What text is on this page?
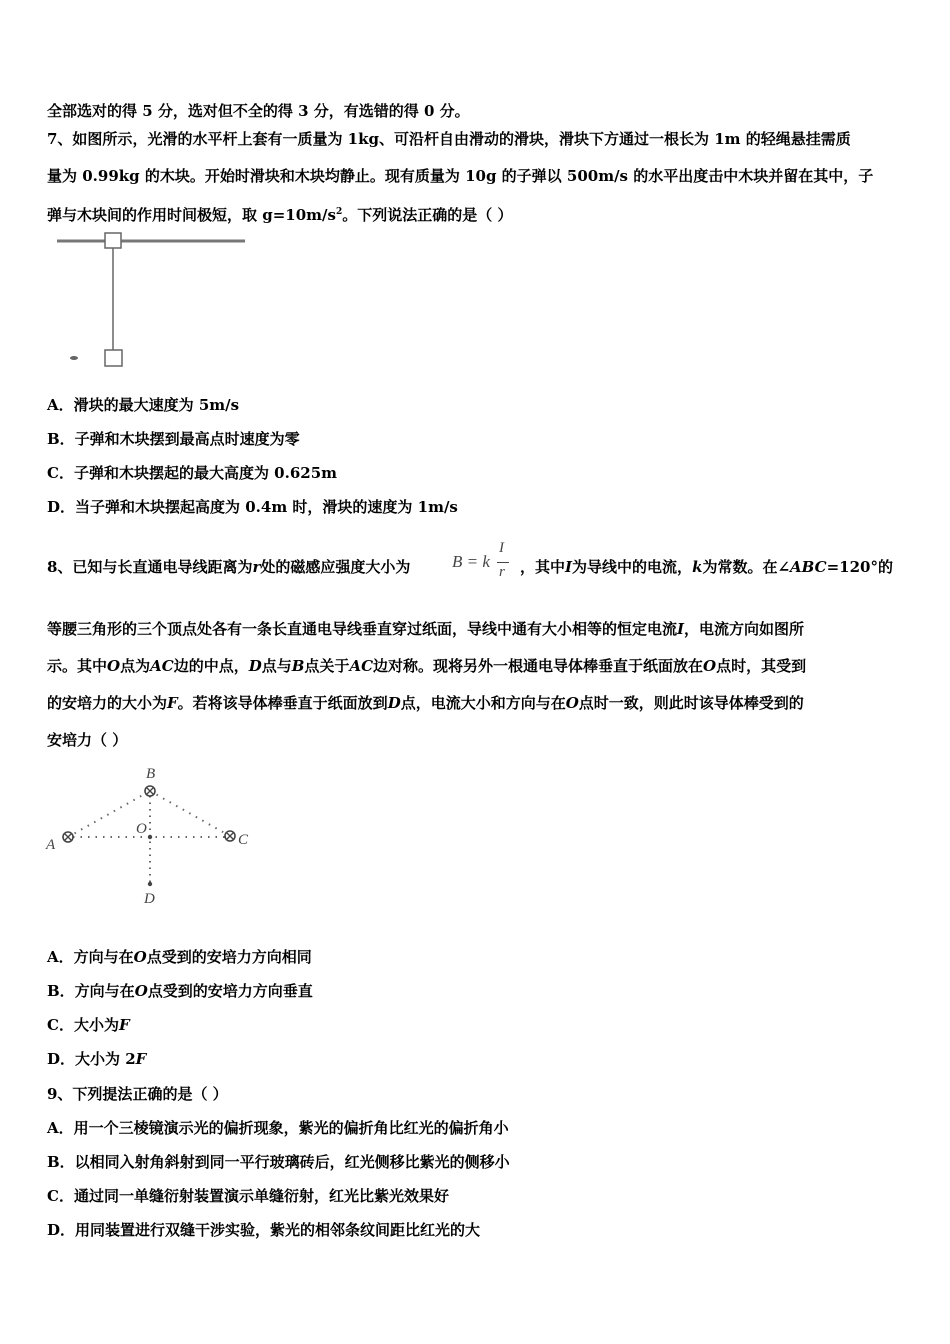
全部选对的得 5 分，选对但不全的得 3 分，有选错的得 0 分。
7、如图所示，光滑的水平杆上套有一质量为 1kg、可沿杆自由滑动的滑块，滑块下方通过一根长为 1m 的轻绳悬挂需质
量为 0.99kg 的木块。开始时滑块和木块均静止。现有质量为 10g 的子弹以 500m/s 的水平出度击中木块并留在其中，子
弹与木块间的作用时间极短，取 $g=10m/s^2$。下列说法正确的是（ ）
A．滑块的最大速度为 5m/s
B．子弹和木块摆到最高点时速度为零
C．子弹和木块摆起的最大高度为 0.625m
D．当子弹和木块摆起高度为 0.4m 时，滑块的速度为 1m/s
8、已知与长直通电导线距离为r处的磁感应强度大小为 B = k
I
r ，其中I为导线中的电流，k为常数。在∠ABC=120°的
等腰三角形的三个顶点处各有一条长直通电导线垂直穿过纸面，导线中通有大小相等的恒定电流I，电流方向如图所
示。其中O点为AC边的中点，D点与B点关于AC边对称。现将另外一根通电导体棒垂直于纸面放在O点时，其受到
的安培力的大小为F。若将该导体棒垂直于纸面放到D点，电流大小和方向与在O点时一致，则此时该导体棒受到的
安培力（ ）
B
A	C
O
D
A．方向与在O点受到的安培力方向相同
B．方向与在O点受到的安培力方向垂直
C．大小为F
D．大小为 2F
9、下列提法正确的是（ ）
A．用一个三棱镜演示光的偏折现象，紫光的偏折角比红光的偏折角小
B．以相同入射角斜射到同一平行玻璃砖后，红光侧移比紫光的侧移小
C．通过同一单缝衍射装置演示单缝衍射，红光比紫光效果好
D．用同装置进行双缝干涉实验，紫光的相邻条纹间距比红光的大
